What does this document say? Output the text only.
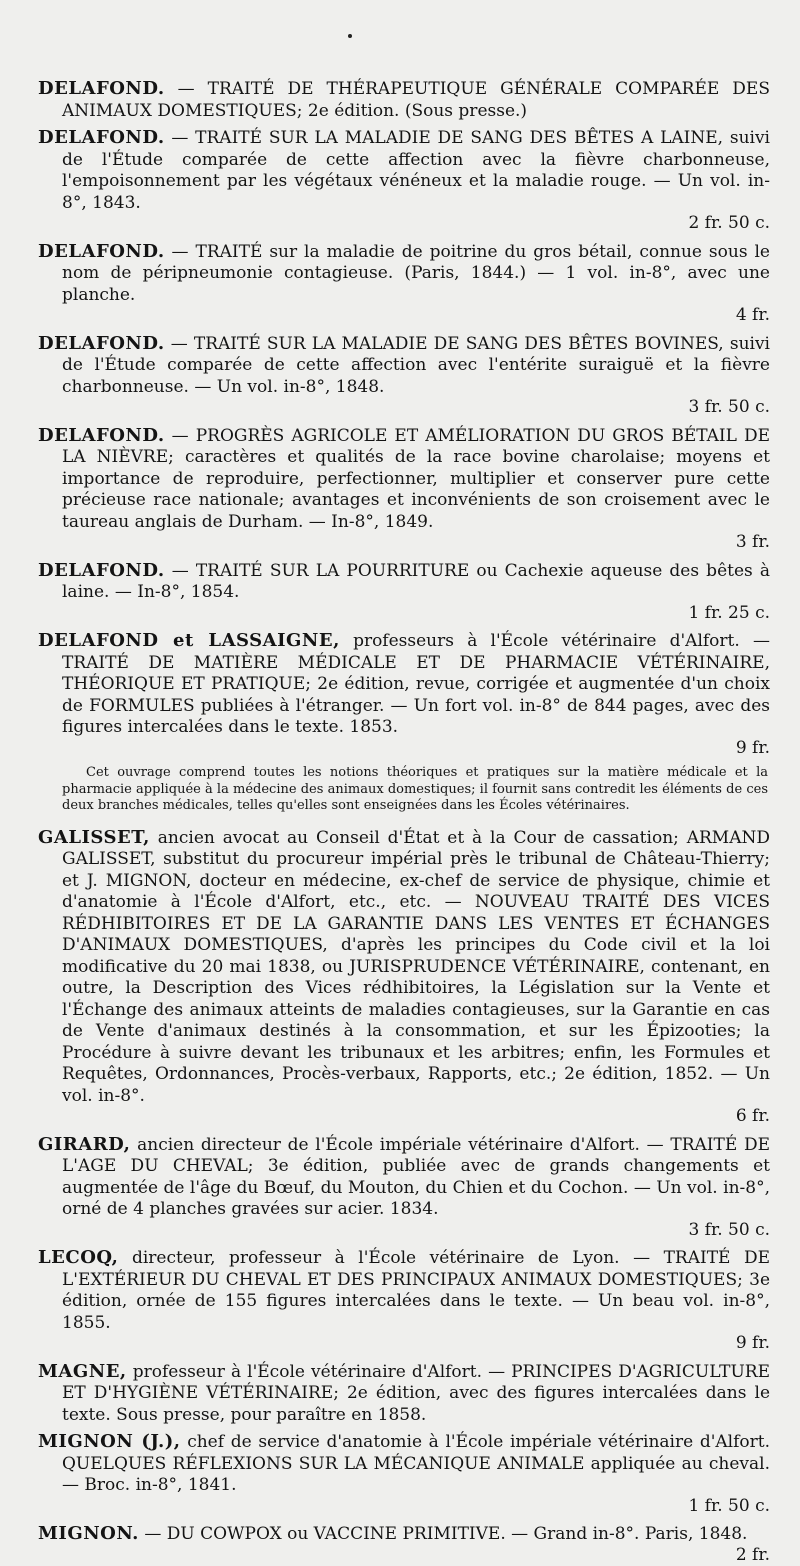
DELAFOND. — TRAITÉ DE THÉRAPEUTIQUE GÉNÉRALE COMPARÉE DES ANIMAUX DOMESTIQUES; 2e édition. (Sous presse.)

DELAFOND. — TRAITÉ SUR LA MALADIE DE SANG DES BÊTES A LAINE, suivi de l'Étude comparée de cette affection avec la fièvre charbonneuse, l'empoisonnement par les végétaux vénéneux et la maladie rouge. — Un vol. in-8°, 1843.
2 fr. 50 c.

DELAFOND. — TRAITÉ sur la maladie de poitrine du gros bétail, connue sous le nom de péripneumonie contagieuse. (Paris, 1844.) — 1 vol. in-8°, avec une planche.
4 fr.

DELAFOND. — TRAITÉ SUR LA MALADIE DE SANG DES BÊTES BOVINES, suivi de l'Étude comparée de cette affection avec l'entérite suraiguë et la fièvre charbonneuse. — Un vol. in-8°, 1848.
3 fr. 50 c.

DELAFOND. — PROGRÈS AGRICOLE ET AMÉLIORATION DU GROS BÉTAIL DE LA NIÈVRE; caractères et qualités de la race bovine charolaise; moyens et importance de reproduire, perfectionner, multiplier et conserver pure cette précieuse race nationale; avantages et inconvénients de son croisement avec le taureau anglais de Durham. — In-8°, 1849.
3 fr.

DELAFOND. — TRAITÉ SUR LA POURRITURE ou Cachexie aqueuse des bêtes à laine. — In-8°, 1854.
1 fr. 25 c.

DELAFOND et LASSAIGNE, professeurs à l'École vétérinaire d'Alfort. — TRAITÉ DE MATIÈRE MÉDICALE ET DE PHARMACIE VÉTÉRINAIRE, THÉORIQUE ET PRATIQUE; 2e édition, revue, corrigée et augmentée d'un choix de FORMULES publiées à l'étranger. — Un fort vol. in-8° de 844 pages, avec des figures intercalées dans le texte. 1853.
9 fr.

Cet ouvrage comprend toutes les notions théoriques et pratiques sur la matière médicale et la pharmacie appliquée à la médecine des animaux domestiques; il fournit sans contredit les éléments de ces deux branches médicales, telles qu'elles sont enseignées dans les Écoles vétérinaires.

GALISSET, ancien avocat au Conseil d'État et à la Cour de cassation; ARMAND GALISSET, substitut du procureur impérial près le tribunal de Château-Thierry; et J. MIGNON, docteur en médecine, ex-chef de service de physique, chimie et d'anatomie à l'École d'Alfort, etc., etc. — NOUVEAU TRAITÉ DES VICES RÉDHIBITOIRES ET DE LA GARANTIE DANS LES VENTES ET ÉCHANGES D'ANIMAUX DOMESTIQUES, d'après les principes du Code civil et la loi modificative du 20 mai 1838, ou JURISPRUDENCE VÉTÉRINAIRE, contenant, en outre, la Description des Vices rédhibitoires, la Législation sur la Vente et l'Échange des animaux atteints de maladies contagieuses, sur la Garantie en cas de Vente d'animaux destinés à la consommation, et sur les Épizooties; la Procédure à suivre devant les tribunaux et les arbitres; enfin, les Formules et Requêtes, Ordonnances, Procès-verbaux, Rapports, etc.; 2e édition, 1852. — Un vol. in-8°.
6 fr.

GIRARD, ancien directeur de l'École impériale vétérinaire d'Alfort. — TRAITÉ DE L'AGE DU CHEVAL; 3e édition, publiée avec de grands changements et augmentée de l'âge du Bœuf, du Mouton, du Chien et du Cochon. — Un vol. in-8°, orné de 4 planches gravées sur acier. 1834.
3 fr. 50 c.

LECOQ, directeur, professeur à l'École vétérinaire de Lyon. — TRAITÉ DE L'EXTÉRIEUR DU CHEVAL ET DES PRINCIPAUX ANIMAUX DOMESTIQUES; 3e édition, ornée de 155 figures intercalées dans le texte. — Un beau vol. in-8°, 1855.
9 fr.

MAGNE, professeur à l'École vétérinaire d'Alfort. — PRINCIPES D'AGRICULTURE ET D'HYGIÈNE VÉTÉRINAIRE; 2e édition, avec des figures intercalées dans le texte. Sous presse, pour paraître en 1858.

MIGNON (J.), chef de service d'anatomie à l'École impériale vétérinaire d'Alfort. QUELQUES RÉFLEXIONS SUR LA MÉCANIQUE ANIMALE appliquée au cheval. — Broc. in-8°, 1841.
1 fr. 50 c.

MIGNON. — DU COWPOX ou VACCINE PRIMITIVE. — Grand in-8°. Paris, 1848.
2 fr.
